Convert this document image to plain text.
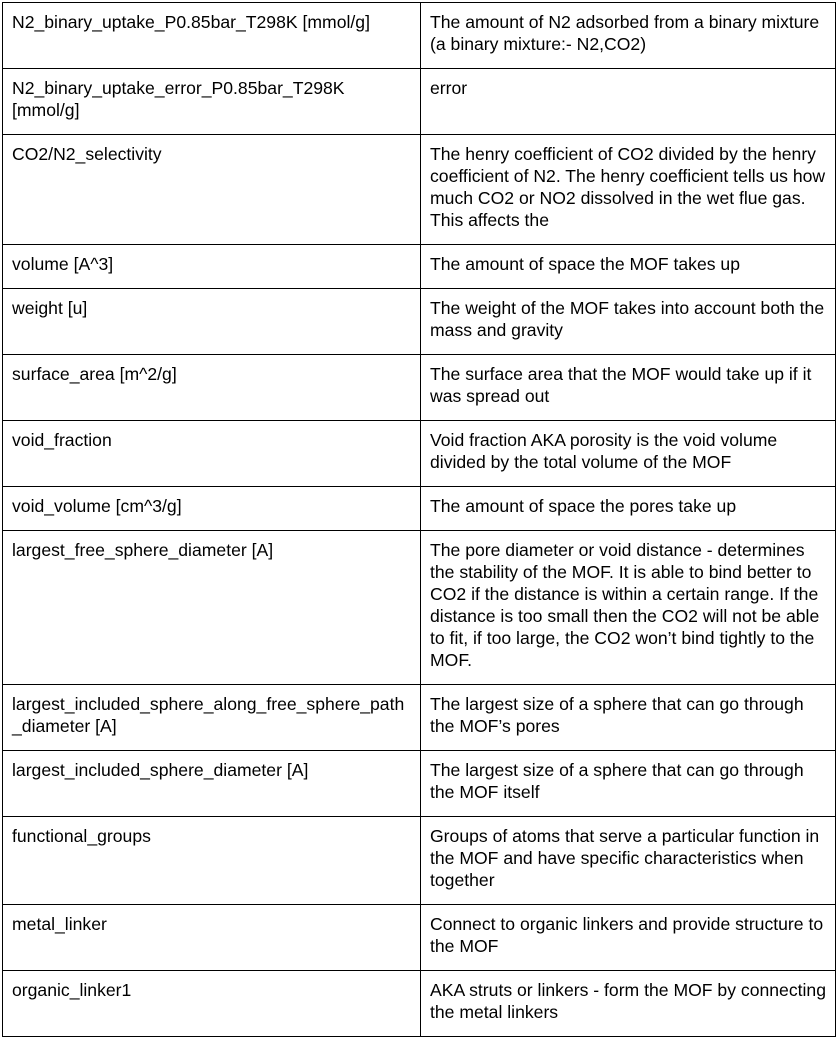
N2_binary_uptake_P0.85bar_T298K [mmol/g]	The amount of N2 adsorbed from a binary mixture (a binary mixture:- N2,CO2)
N2_binary_uptake_error_P0.85bar_T298K [mmol/g]	error
CO2/N2_selectivity	The henry coefficient of CO2 divided by the henry coefficient of N2. The henry coefficient tells us how much CO2 or NO2 dissolved in the wet flue gas. This affects the
volume [A^3]	The amount of space the MOF takes up
weight [u]	The weight of the MOF takes into account both the mass and gravity
surface_area [m^2/g]	The surface area that the MOF would take up if it was spread out
void_fraction	Void fraction AKA porosity is the void volume divided by the total volume of the MOF
void_volume [cm^3/g]	The amount of space the pores take up
largest_free_sphere_diameter [A]	The pore diameter or void distance - determines the stability of the MOF. It is able to bind better to CO2 if the distance is within a certain range. If the distance is too small then the CO2 will not be able to fit, if too large, the CO2 won’t bind tightly to the MOF.
largest_included_sphere_along_free_sphere_path_diameter [A]	The largest size of a sphere that can go through the MOF’s pores
largest_included_sphere_diameter [A]	The largest size of a sphere that can go through the MOF itself
functional_groups	Groups of atoms that serve a particular function in the MOF and have specific characteristics when together
metal_linker	Connect to organic linkers and provide structure to the MOF
organic_linker1	AKA struts or linkers - form the MOF by connecting the metal linkers
